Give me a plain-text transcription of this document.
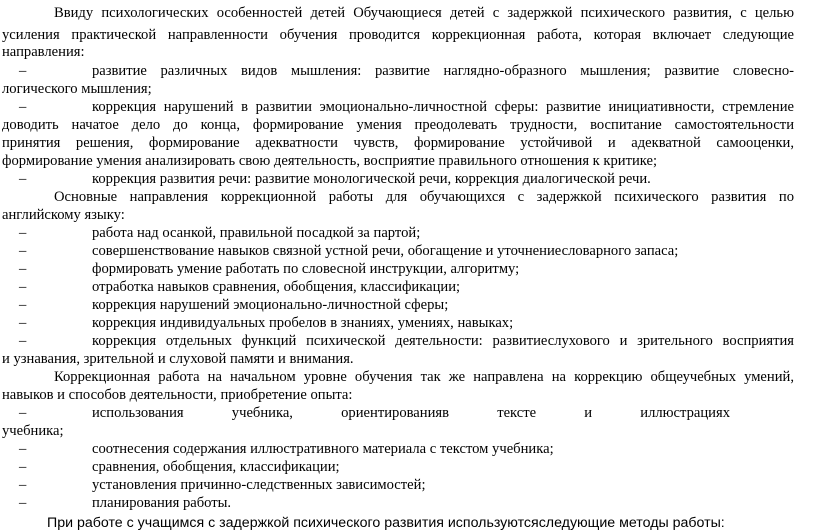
Ввиду психологических особенностей детей Обучающиеся детей с задержкой психического развития, с целью
усиления практической направленности обучения проводится коррекционная работа, которая включает следующие
направления:
–	развитие различных видов мышления: развитие наглядно-образного мышления; развитие словесно-
логического мышления;
–	коррекция нарушений в развитии эмоционально-личностной сферы: развитие инициативности, стремление
доводить начатое дело до конца, формирование умения преодолевать трудности, воспитание самостоятельности
принятия решения, формирование адекватности чувств, формирование устойчивой и адекватной самооценки,
формирование умения анализировать свою деятельность, восприятие правильного отношения к критике;
–	коррекция развития речи: развитие монологической речи, коррекция диалогической речи.
Основные направления коррекционной работы для обучающихся с задержкой психического развития по
английскому языку:
–	работа над осанкой, правильной посадкой за партой;
–	совершенствование навыков связной устной речи, обогащение и уточнениесловарного запаса;
–	формировать умение работать по словесной инструкции, алгоритму;
–	отработка навыков сравнения, обобщения, классификации;
–	коррекция нарушений эмоционально-личностной сферы;
–	коррекция индивидуальных пробелов в знаниях, умениях, навыках;
–	коррекция отдельных функций психической деятельности: развитиеслухового и зрительного восприятия
и узнавания, зрительной и слуховой памяти и внимания.
Коррекционная работа на начальном уровне обучения так же направлена на коррекцию общеучебных умений,
навыков и способов деятельности, приобретение опыта:
–	использования учебника, ориентированияв тексте и иллюстрациях
учебника;
–	соотнесения содержания иллюстративного материала с текстом учебника;
–	сравнения, обобщения, классификации;
–	установления причинно-следственных зависимостей;
–	планирования работы.
При работе с учащимся с задержкой психического развития используютсяследующие методы работы:
